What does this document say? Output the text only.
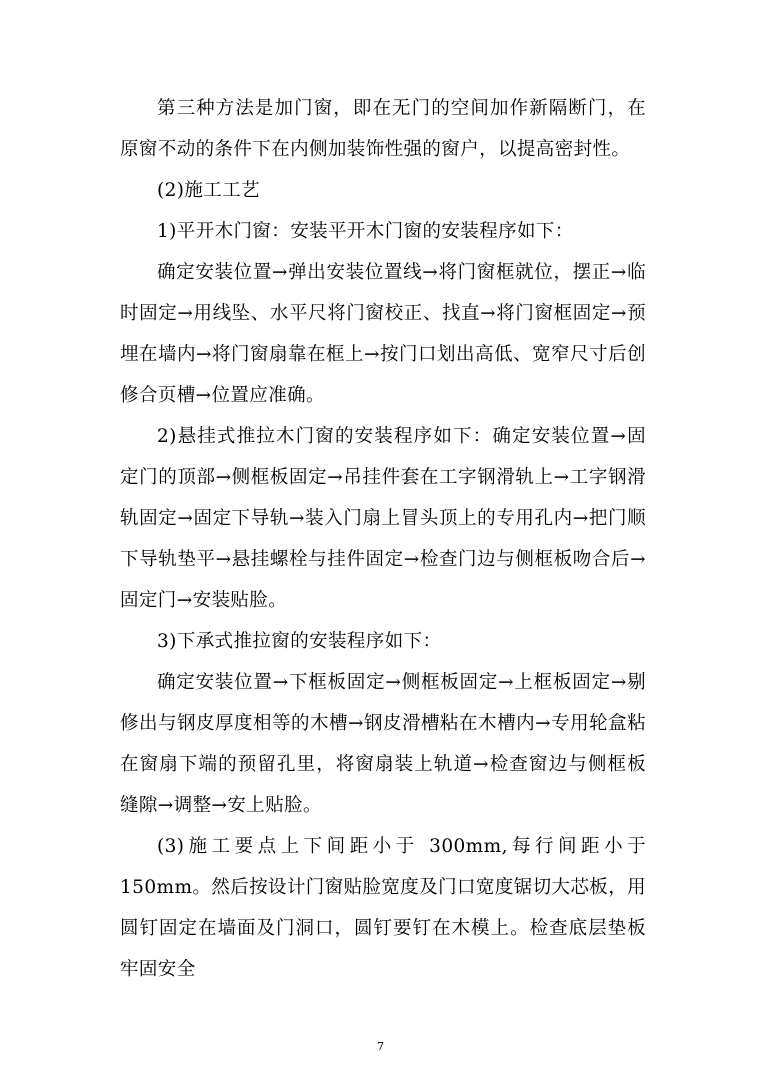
第三种方法是加门窗，即在无门的空间加作新隔断门，在原窗不动的条件下在内侧加装饰性强的窗户，以提高密封性。

(2)施工工艺

1)平开木门窗：安装平开木门窗的安装程序如下：

确定安装位置→弹出安装位置线→将门窗框就位，摆正→临时固定→用线坠、水平尺将门窗校正、找直→将门窗框固定→预埋在墙内→将门窗扇靠在框上→按门口划出高低、宽窄尺寸后创修合页槽→位置应准确。

2)悬挂式推拉木门窗的安装程序如下：确定安装位置→固定门的顶部→侧框板固定→吊挂件套在工字钢滑轨上→工字钢滑轨固定→固定下导轨→装入门扇上冒头顶上的专用孔内→把门顺下导轨垫平→悬挂螺栓与挂件固定→检查门边与侧框板吻合后→固定门→安装贴脸。

3)下承式推拉窗的安装程序如下：

确定安装位置→下框板固定→侧框板固定→上框板固定→剔修出与钢皮厚度相等的木槽→钢皮滑槽粘在木槽内→专用轮盒粘在窗扇下端的预留孔里，将窗扇装上轨道→检查窗边与侧框板缝隙→调整→安上贴脸。

(3)施工要点上下间距小于 300mm,每行间距小于 150mm。然后按设计门窗贴脸宽度及门口宽度锯切大芯板，用圆钉固定在墙面及门洞口，圆钉要钉在木模上。检查底层垫板牢固安全

7
